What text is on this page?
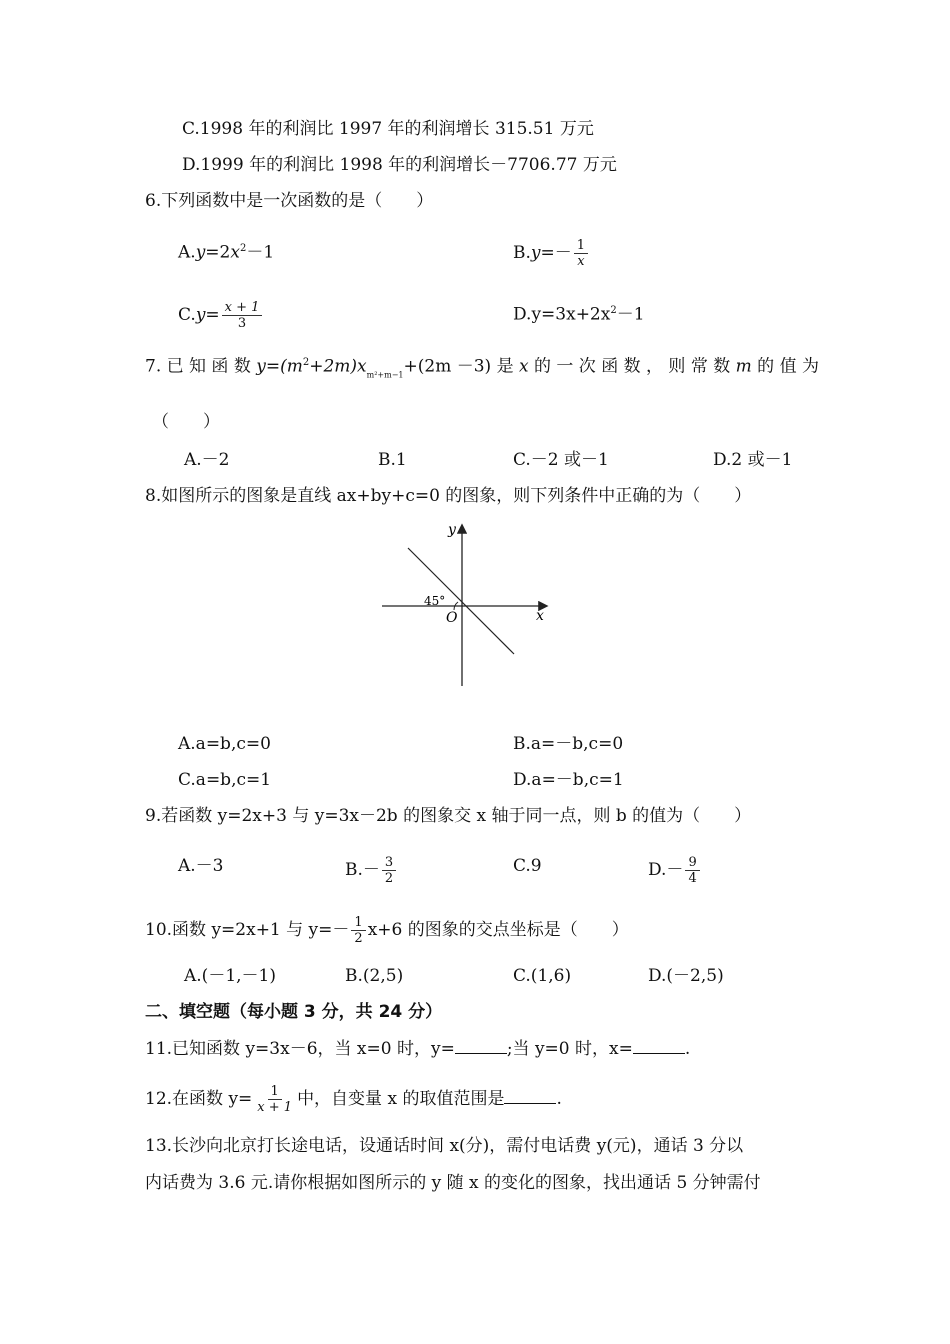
C.1998 年的利润比 1997 年的利润增长 315.51 万元
D.1999 年的利润比 1998 年的利润增长－7706.77 万元
6.下列函数中是一次函数的是（　　）
$A.y=2x^2-1$	$B.y=- \frac{1}{x}$
$C.y= \frac{x + 1}{3}$	$D.y=3x+2x^2-1$
7. 已 知 函 数 $y=(m^2+2m)x_{m^2+m-1}+(2m -3)$ 是 x 的 一 次 函 数 ， 则 常 数 m 的 值 为
（　　）
A.－2	B.1	C.－2 或－1	D.2 或－1
8.如图所示的图象是直线 ax+by+c=0 的图象，则下列条件中正确的为（　　）
y
x
O
45°
A.a=b,c=0	B.a=－b,c=0
C.a=b,c=1	D.a=－b,c=1
9.若函数 y=2x+3 与 y=3x－2b 的图象交 x 轴于同一点，则 b 的值为（　　）
A.－3	$B.- \frac{3}{2}$	C.9	$D.- \frac{9}{4}$
10.函数 y=2x+1 与 $y=- \frac{1}{2} x+6$ 的图象的交点坐标是（　　）
A.(－1,－1)	B.(2,5)	C.(1,6)	D.(－2,5)
二、填空题（每小题 3 分，共 24 分）
11.已知函数 y=3x－6，当 x=0 时，y=	;当 y=0 时，x=	.
12.在函数 $y= \frac{1}{x + 1}$ 中，自变量 x 的取值范围是	.
13.长沙向北京打长途电话，设通话时间 x(分)，需付电话费 y(元)，通话 3 分以
内话费为 3.6 元.请你根据如图所示的 y 随 x 的变化的图象，找出通话 5 分钟需付
